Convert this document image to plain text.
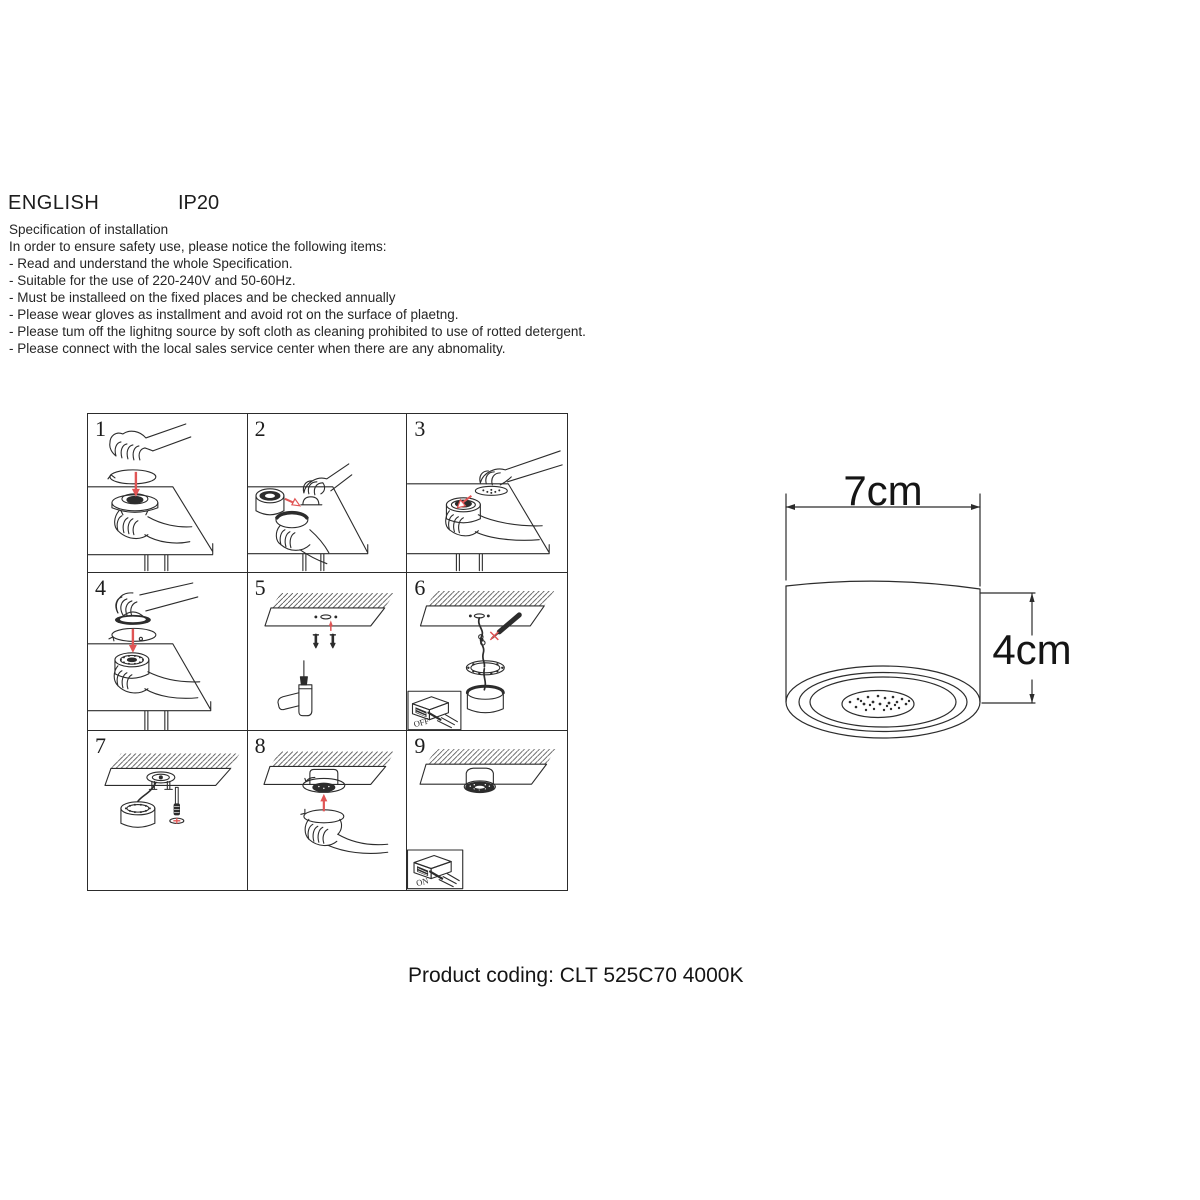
ENGLISH	IP20
Specification of installation
In order to ensure safety use, please notice the following items:
- Read and understand the whole Specification.
- Suitable for the use of 220-240V and 50-60Hz.
- Must be installeed on the fixed places and be checked annually
- Please wear gloves as installment and avoid rot on the surface of plaetng.
- Please tum off the lighitng source by soft cloth as cleaning prohibited to use of rotted detergent.
- Please connect with the local sales service center when there are any abnomality.
1	2	3
4	5	6
OFF
7	8	9
ON
7cm
4cm
Product coding: CLT 525C70 4000K
